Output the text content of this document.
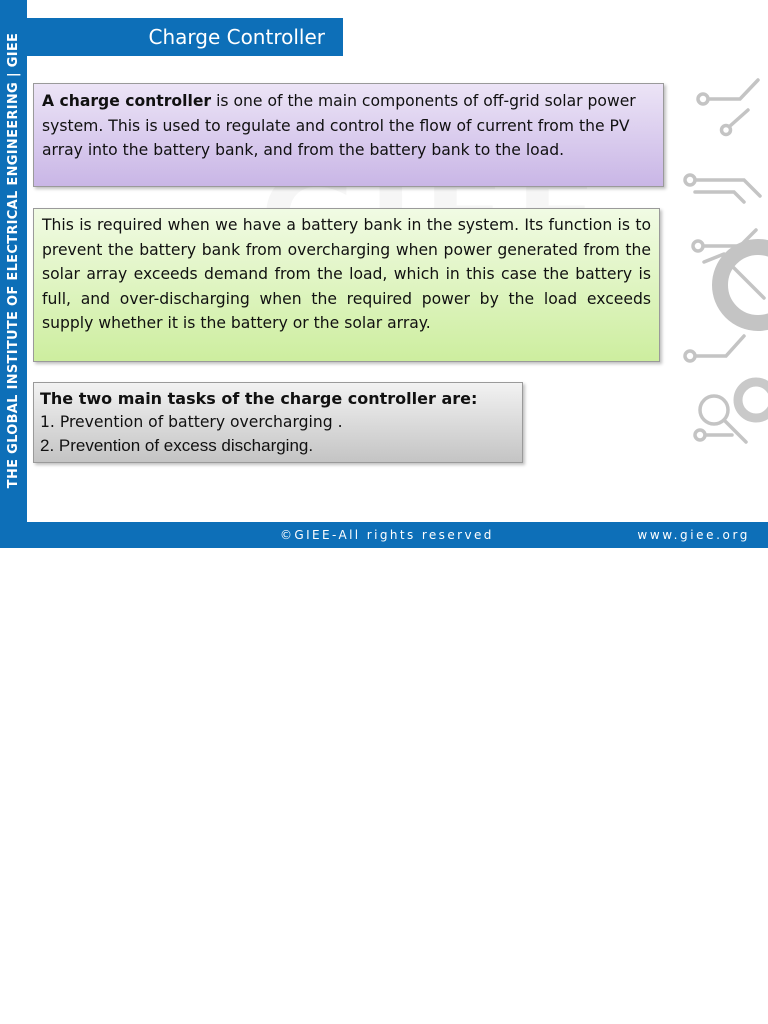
THE GLOBAL INSTITUTE OF ELECTRICAL ENGINEERING | GIEE	Charge Controller
A charge controller is one of the main components of off-grid solar power system. This is used to regulate and control the flow of current from the PV array into the battery bank, and from the battery bank to the load.
This is required when we have a battery bank in the system. Its function is to prevent the battery bank from overcharging when power generated from the solar array exceeds demand from the load, which in this case the battery is full, and over-discharging when the required power by the load exceeds supply whether it is the battery or the solar array.
The two main tasks of the charge controller are:
1. Prevention of battery overcharging .
2. Prevention of excess discharging.
©GIEE-All rights reserved	www.giee.org
